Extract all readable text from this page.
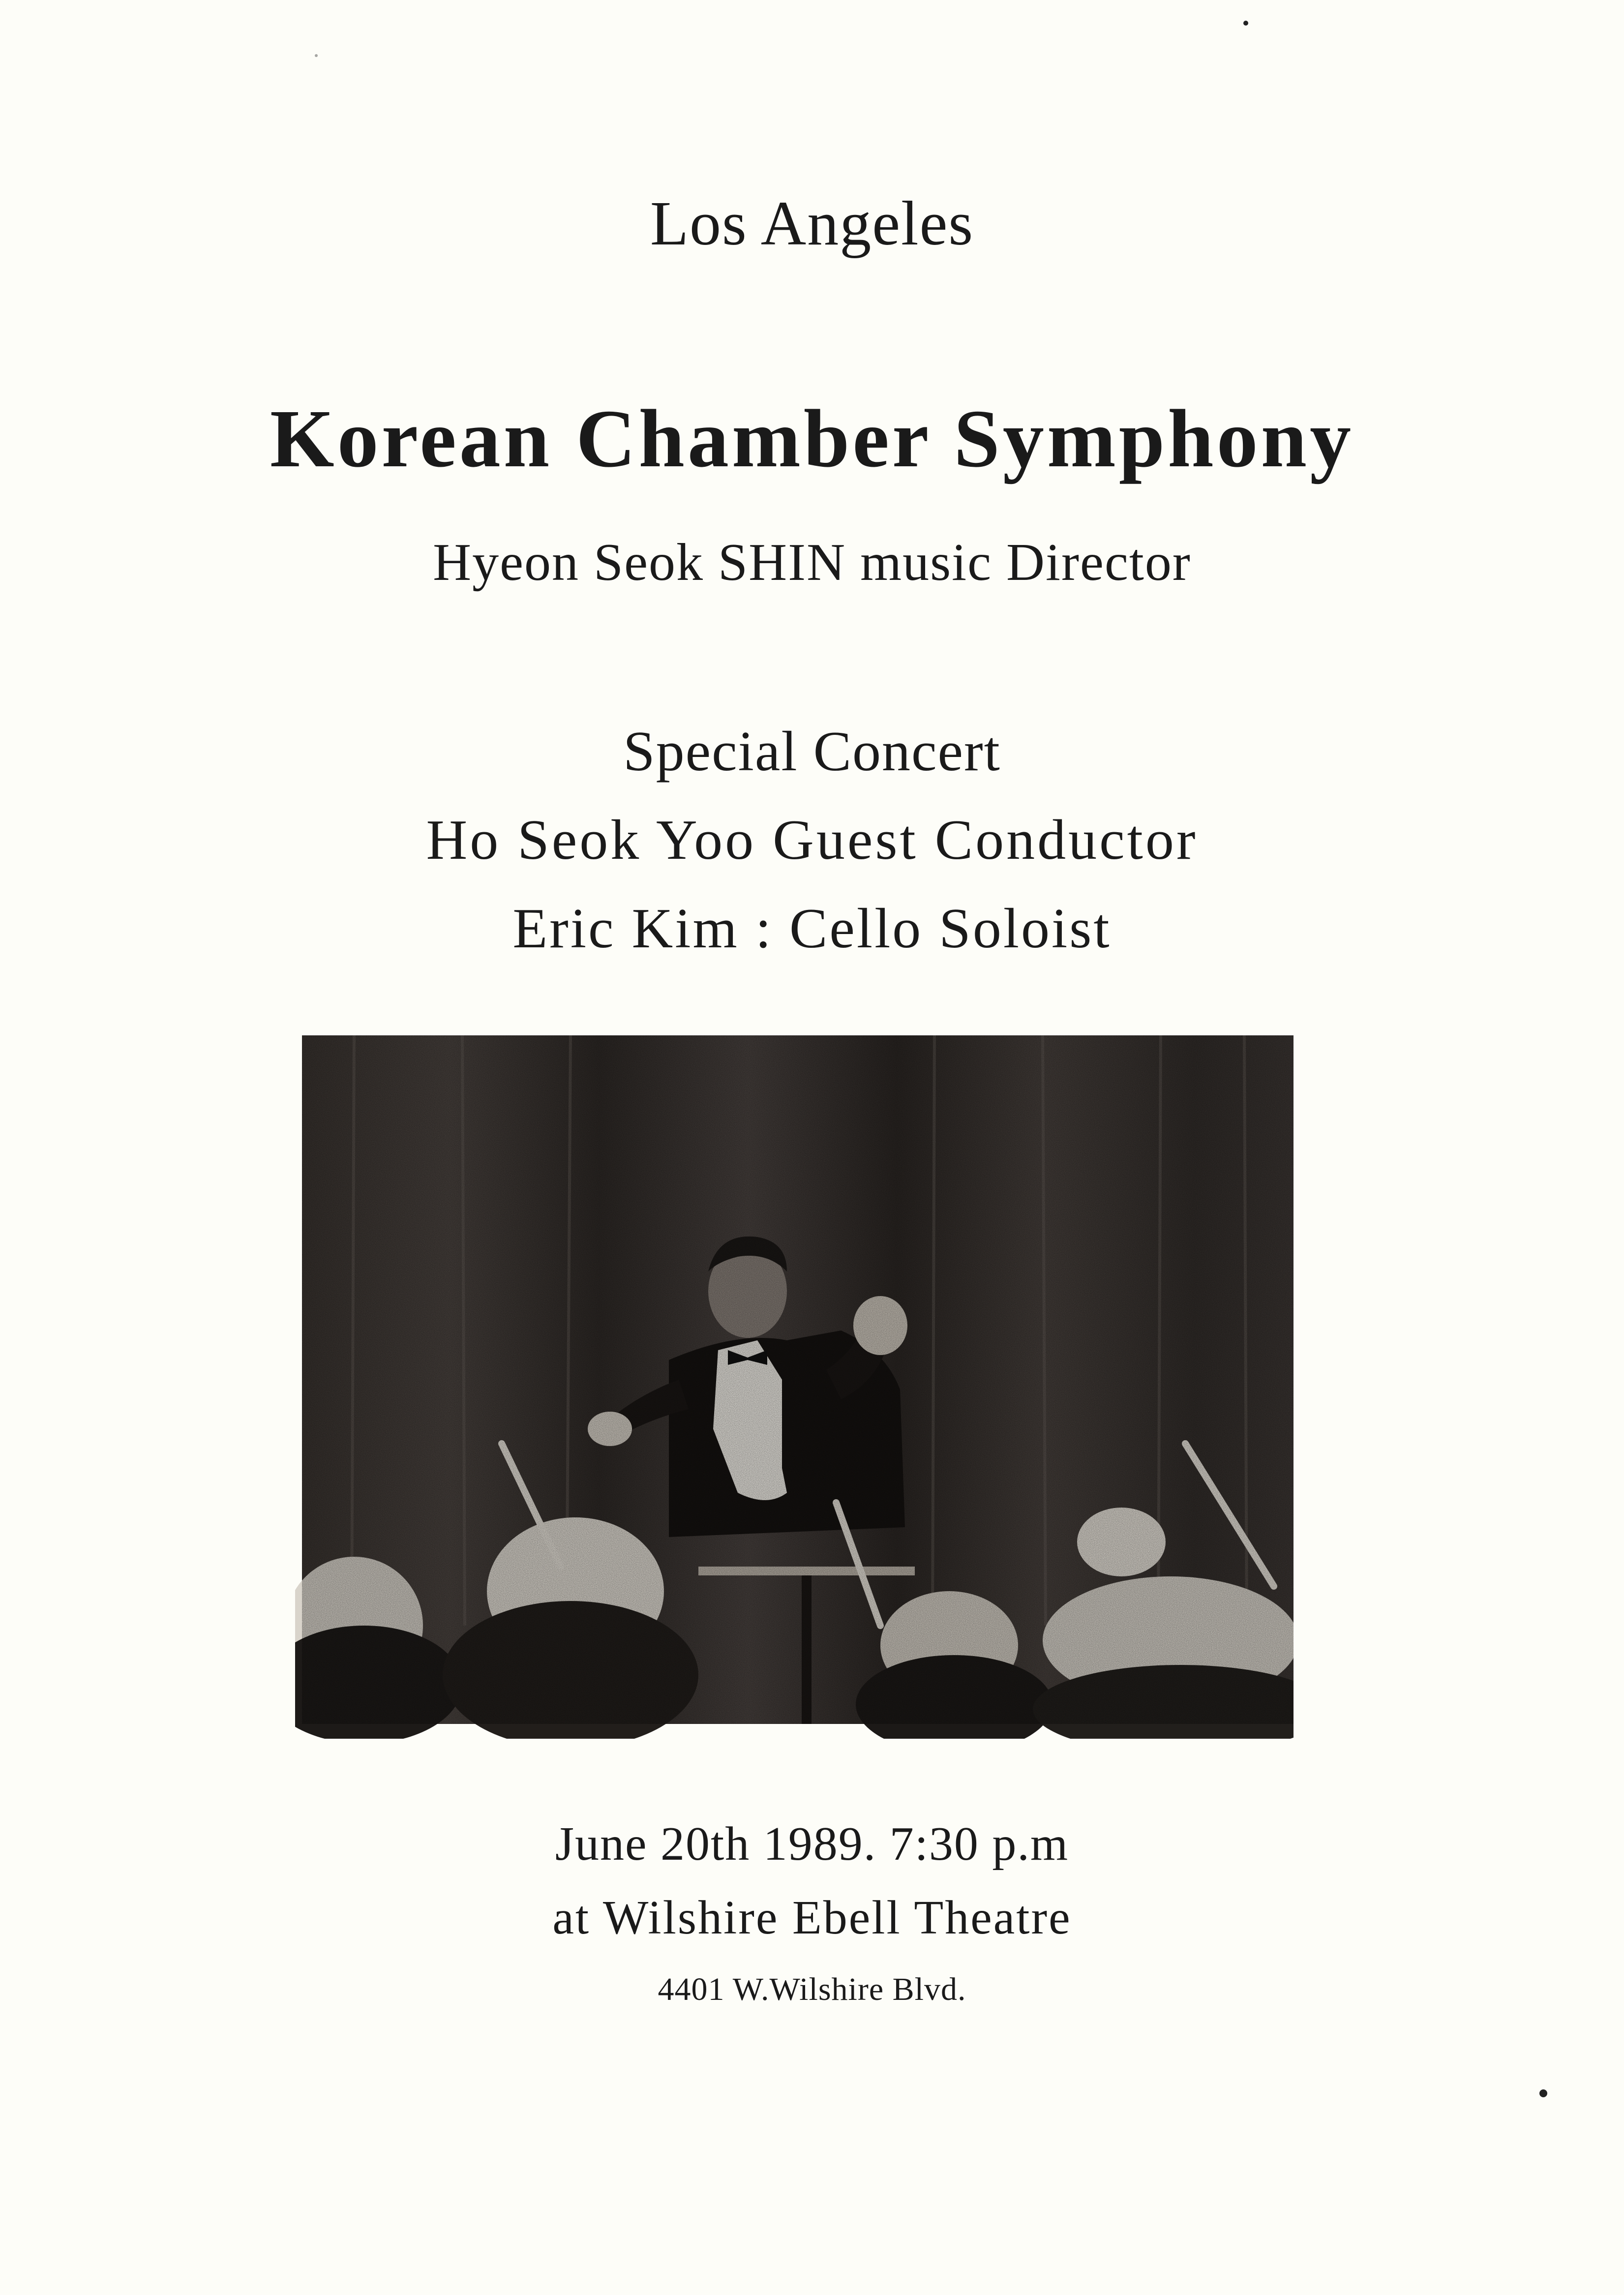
Los Angeles
Korean Chamber Symphony
Hyeon Seok SHIN music Director
Special Concert
Ho Seok Yoo Guest Conductor
Eric Kim : Cello Soloist
June 20th 1989. 7:30 p.m
at Wilshire Ebell Theatre
4401 W.Wilshire Blvd.
